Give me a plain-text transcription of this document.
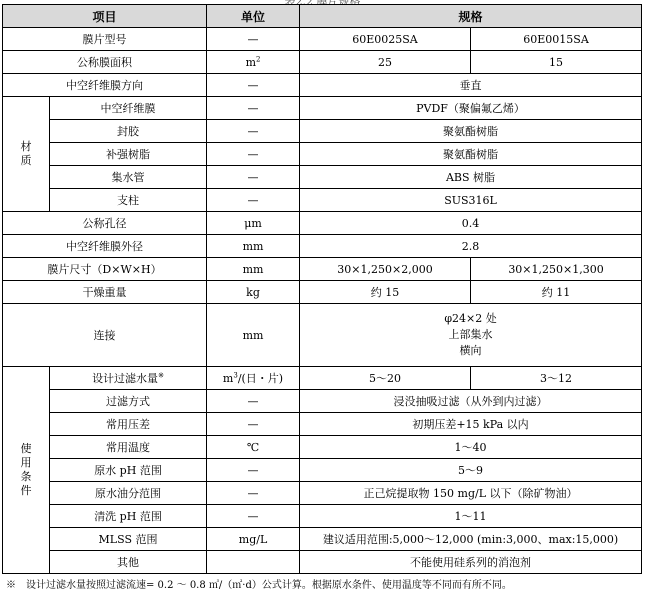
项目		单位	规格	
膜片型号		—	60E0025SA	60E0015SA
公称膜面积		$m^2$	25	15
中空纤维膜方向		—	垂直	
材质	中空纤维膜	—	PVDF（聚偏氟乙烯）	
	封胶	—	聚氨酯树脂	
	补强树脂	—	聚氨酯树脂	
	集水管	—	ABS 树脂	
	支柱	—	SUS316L	
公称孔径		μm	0.4	
中空纤维膜外径		mm	2.8	
膜片尺寸（D×W×H）		mm	30×1,250×2,000	30×1,250×1,300
干燥重量		kg	约 15	约 11
连接		mm	φ24×2 处
上部集水
横向	

使用条件	设计过滤水量※	$m^3/$(日・片)	5～20	3～12
	过滤方式	—	浸没抽吸过滤（从外到内过滤）	
	常用压差	—	初期压差+15 kPa 以内	
	常用温度	℃	1～40	
	原水 pH 范围	—	5～9	
	原水油分范围	—	正己烷提取物 150 mg/L 以下（除矿物油）	
	清洗 pH 范围	—	1～11	
	MLSS 范围	mg/L	建议适用范围:5,000～12,000 (min:3,000、max:15,000)	
	其他		不能使用硅系列的消泡剂	
※　设计过滤水量按照过滤流速= 0.2 ～ 0.8 ㎥/（㎡·d）公式计算。根据原水条件、使用温度等不同而有所不同。
